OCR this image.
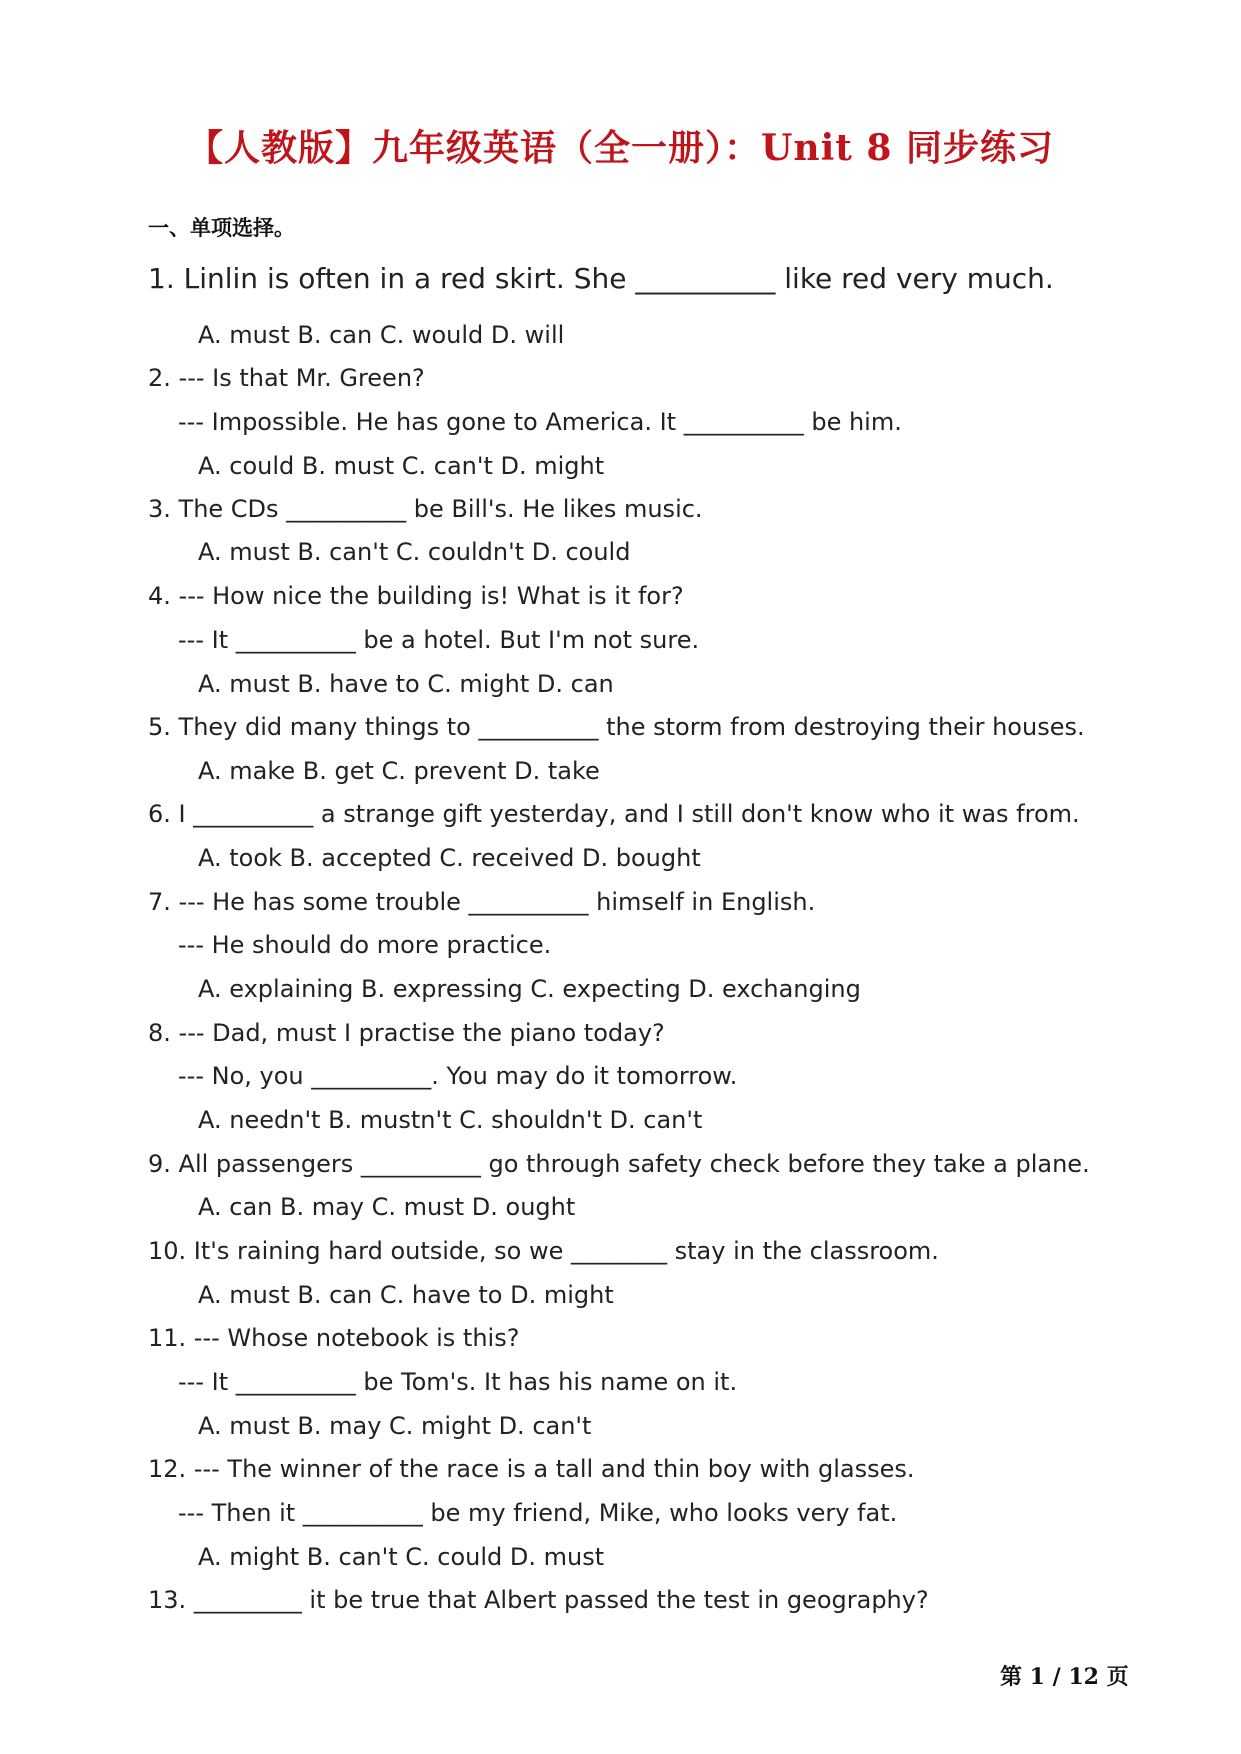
【人教版】九年级英语（全一册）：Unit 8 同步练习
一、单项选择。
1. Linlin is often in a red skirt. She __________ like red very much.
A. must B. can C. would D. will
2. --- Is that Mr. Green?
--- Impossible. He has gone to America. It __________ be him.
A. could B. must C. can't D. might
3. The CDs __________ be Bill's. He likes music.
A. must B. can't C. couldn't D. could
4. --- How nice the building is! What is it for?
--- It __________ be a hotel. But I'm not sure.
A. must B. have to C. might D. can
5. They did many things to __________ the storm from destroying their houses.
A. make B. get C. prevent D. take
6. I __________ a strange gift yesterday, and I still don't know who it was from.
A. took B. accepted C. received D. bought
7. --- He has some trouble __________ himself in English.
--- He should do more practice.
A. explaining B. expressing C. expecting D. exchanging
8. --- Dad, must I practise the piano today?
--- No, you __________. You may do it tomorrow.
A. needn't B. mustn't C. shouldn't D. can't
9. All passengers __________ go through safety check before they take a plane.
A. can B. may C. must D. ought
10. It's raining hard outside, so we ________ stay in the classroom.
A. must B. can C. have to D. might
11. --- Whose notebook is this?
--- It __________ be Tom's. It has his name on it.
A. must B. may C. might D. can't
12. --- The winner of the race is a tall and thin boy with glasses.
--- Then it __________ be my friend, Mike, who looks very fat.
A. might B. can't C. could D. must
13. _________ it be true that Albert passed the test in geography?
第 1 / 12 页
